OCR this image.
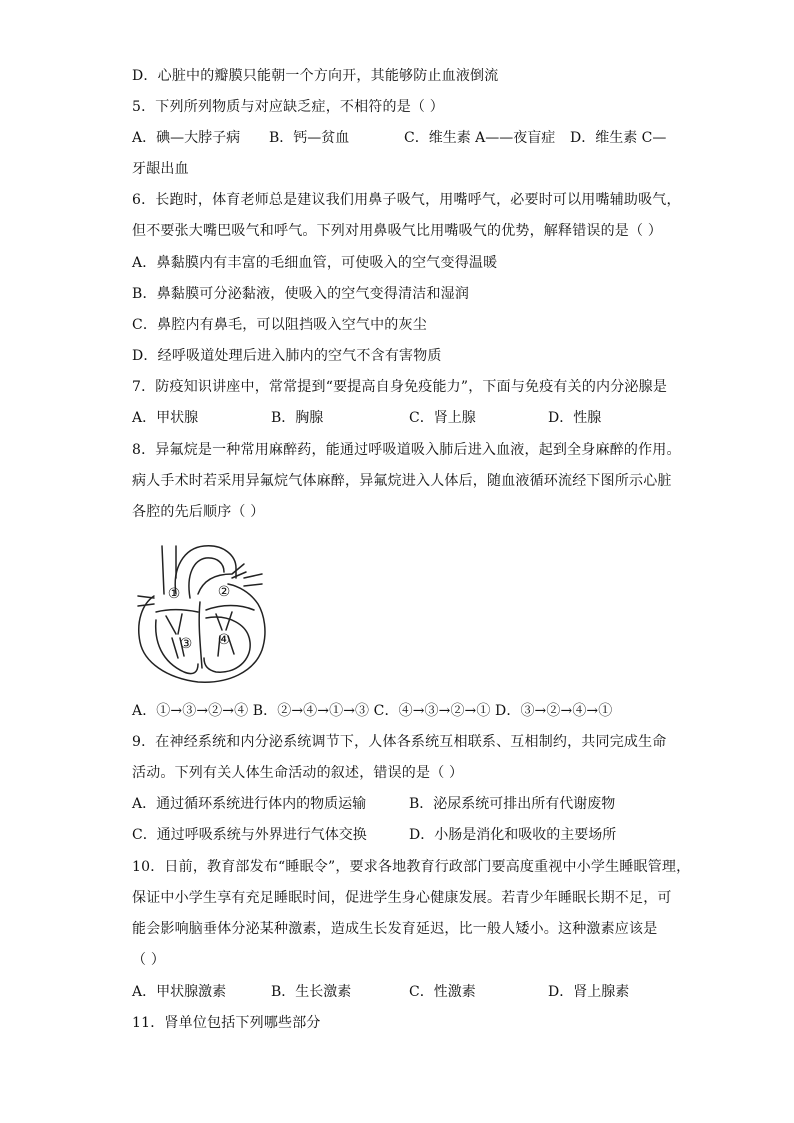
D．心脏中的瓣膜只能朝一个方向开，其能够防止血液倒流
5．下列所列物质与对应缺乏症，不相符的是（ ）
A．碘—大脖子病 B．钙—贫血	C．维生素 A——夜盲症 D．维生素 C—
牙龈出血
6．长跑时，体育老师总是建议我们用鼻子吸气，用嘴呼气，必要时可以用嘴辅助吸气，
但不要张大嘴巴吸气和呼气。下列对用鼻吸气比用嘴吸气的优势，解释错误的是（ ）
A．鼻黏膜内有丰富的毛细血管，可使吸入的空气变得温暖
B．鼻黏膜可分泌黏液，使吸入的空气变得清洁和湿润
C．鼻腔内有鼻毛，可以阻挡吸入空气中的灰尘
D．经呼吸道处理后进入肺内的空气不含有害物质
7．防疫知识讲座中，常常提到“要提高自身免疫能力”，下面与免疫有关的内分泌腺是
A．甲状腺	B．胸腺	C．肾上腺	D．性腺
8．异氟烷是一种常用麻醉药，能通过呼吸道吸入肺后进入血液，起到全身麻醉的作用。
病人手术时若采用异氟烷气体麻醉，异氟烷进入人体后，随血液循环流经下图所示心脏
各腔的先后顺序（ ）
①	②
③ ④
A．①→③→②→④ B．②→④→①→③ C．④→③→②→① D．③→②→④→①
9．在神经系统和内分泌系统调节下，人体各系统互相联系、互相制约，共同完成生命
活动。下列有关人体生命活动的叙述，错误的是（ ）
A．通过循环系统进行体内的物质运输	B．泌尿系统可排出所有代谢废物
C．通过呼吸系统与外界进行气体交换	D．小肠是消化和吸收的主要场所
10．日前，教育部发布“睡眠令”，要求各地教育行政部门要高度重视中小学生睡眠管理，
保证中小学生享有充足睡眠时间，促进学生身心健康发展。若青少年睡眠长期不足，可
能会影响脑垂体分泌某种激素，造成生长发育延迟，比一般人矮小。这种激素应该是
（ ）
A．甲状腺激素	B．生长激素	C．性激素	D．肾上腺素
11．肾单位包括下列哪些部分
